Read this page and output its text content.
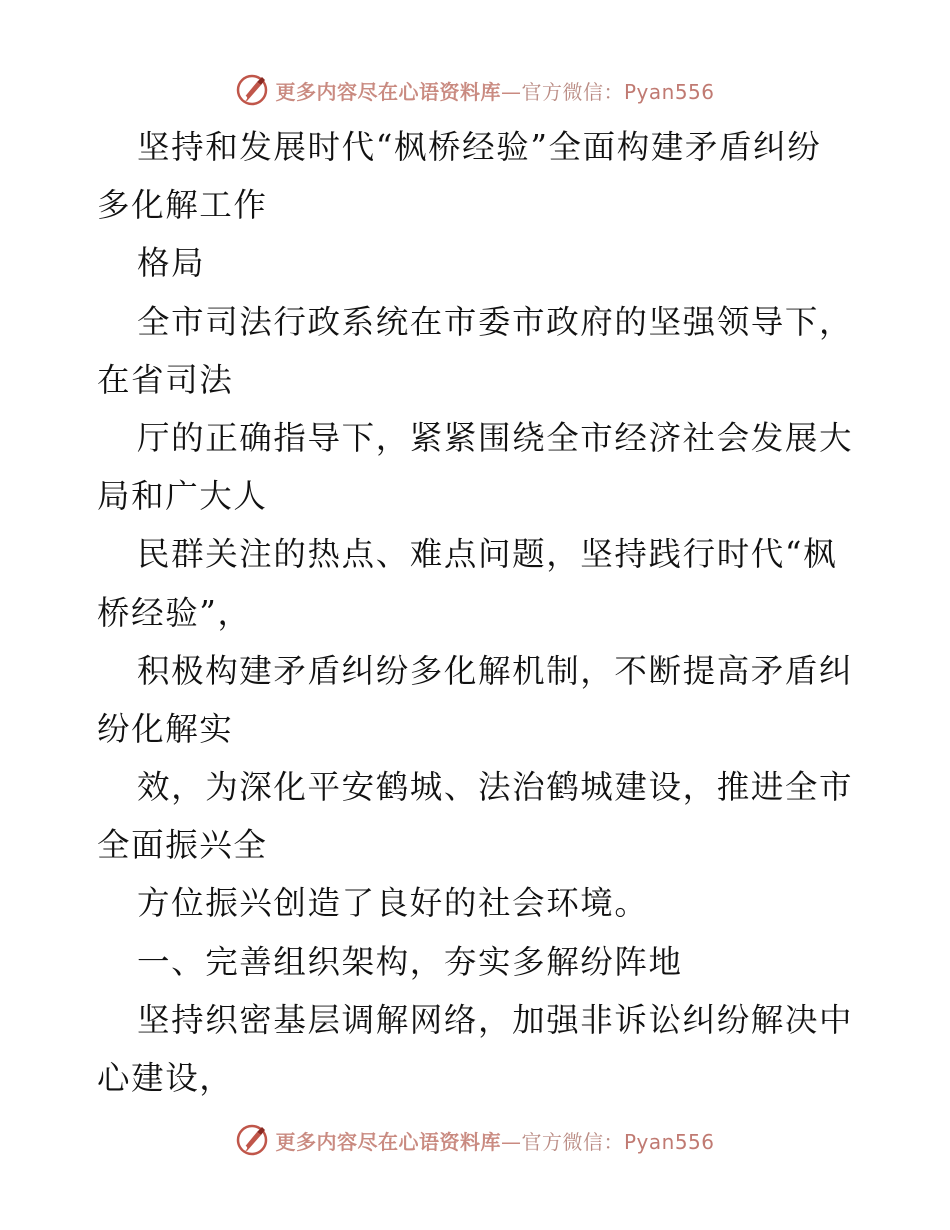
更多内容尽在心语资料库—官方微信：Pyan556
坚持和发展时代“枫桥经验”全面构建矛盾纠纷
多化解工作
格局
全市司法行政系统在市委市政府的坚强领导下，
在省司法
厅的正确指导下，紧紧围绕全市经济社会发展大
局和广大人
民群关注的热点、难点问题，坚持践行时代“枫
桥经验”，
积极构建矛盾纠纷多化解机制，不断提高矛盾纠
纷化解实
效，为深化平安鹤城、法治鹤城建设，推进全市
全面振兴全
方位振兴创造了良好的社会环境。
一、完善组织架构，夯实多解纷阵地
坚持织密基层调解网络，加强非诉讼纠纷解决中
心建设，
更多内容尽在心语资料库—官方微信：Pyan556
